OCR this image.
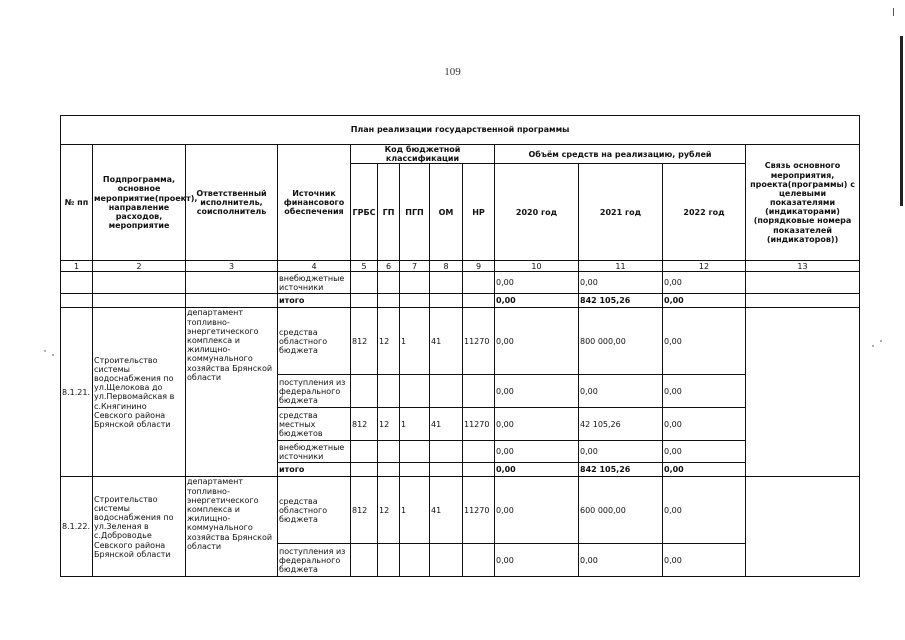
109
План реализации государственной программы												
№ пп	Подпрограмма, основное мероприятие(проект), направление расходов, мероприятие	Ответственный исполнитель, соисполнитель	Источник финансового обеспечения	Код бюджетной классификации					Объём средств на реализацию, рублей			Связь основного мероприятия, проекта(программы) с целевыми показателями (индикаторами) (порядковые номера показателей (индикаторов))
				ГРБС	ГП	ПГП	ОМ	НР	2020 год	2021 год	2022 год	
1	2	3	4	5	6	7	8	9	10	11	12	13
			внебюджетные источники						0,00	0,00	0,00	
			итого						0,00	842 105,26	0,00	
8.1.21.	Строительство системы водоснабжения по ул.Щелокова до ул.Первомайская в с.Княгинино Севского района Брянской области	департамент топливно-энергетического комплекса и жилищно-коммунального хозяйства Брянской области	средства областного бюджета	812	12	1	41	11270	0,00	800 000,00	0,00	
			поступления из федерального бюджета						0,00	0,00	0,00	
			средства местных бюджетов	812	12	1	41	11270	0,00	42 105,26	0,00	
			внебюджетные источники						0,00	0,00	0,00	
			итого						0,00	842 105,26	0,00	
8.1.22.	Строительство системы водоснабжения по ул.Зеленая в с.Доброводье Севского района Брянской области	департамент топливно-энергетического комплекса и жилищно-коммунального хозяйства Брянской области	средства областного бюджета	812	12	1	41	11270	0,00	600 000,00	0,00	
			поступления из федерального бюджета						0,00	0,00	0,00	
